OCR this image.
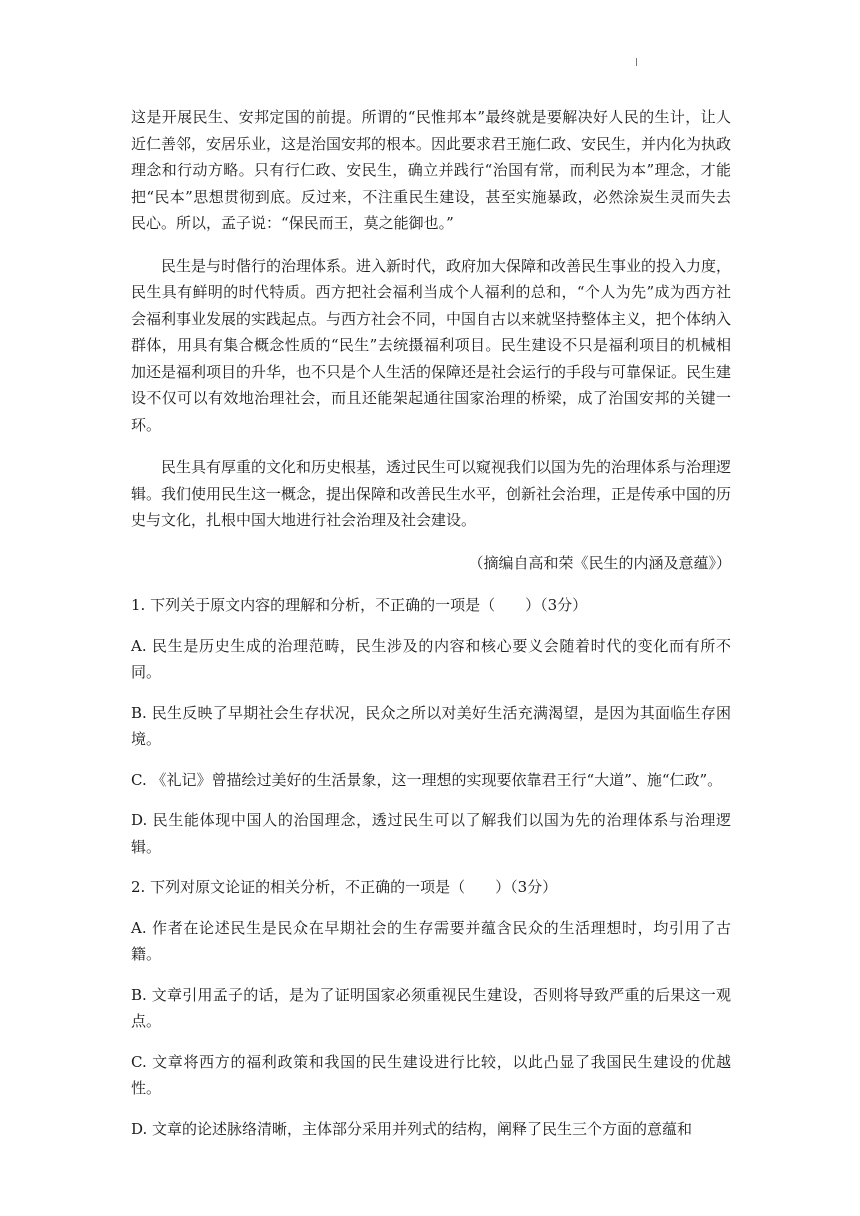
这是开展民生、安邦定国的前提。所谓的“民惟邦本”最终就是要解决好人民的生计，让人近仁善邻，安居乐业，这是治国安邦的根本。因此要求君王施仁政、安民生，并内化为执政理念和行动方略。只有行仁政、安民生，确立并践行“治国有常，而利民为本”理念，才能把“民本”思想贯彻到底。反过来，不注重民生建设，甚至实施暴政，必然涂炭生灵而失去民心。所以，孟子说：“保民而王，莫之能御也。”

民生是与时偕行的治理体系。进入新时代，政府加大保障和改善民生事业的投入力度，民生具有鲜明的时代特质。西方把社会福利当成个人福利的总和，“个人为先”成为西方社会福利事业发展的实践起点。与西方社会不同，中国自古以来就坚持整体主义，把个体纳入群体，用具有集合概念性质的“民生”去统摄福利项目。民生建设不只是福利项目的机械相加还是福利项目的升华，也不只是个人生活的保障还是社会运行的手段与可靠保证。民生建设不仅可以有效地治理社会，而且还能架起通往国家治理的桥梁，成了治国安邦的关键一环。

民生具有厚重的文化和历史根基，透过民生可以窥视我们以国为先的治理体系与治理逻辑。我们使用民生这一概念，提出保障和改善民生水平，创新社会治理，正是传承中国的历史与文化，扎根中国大地进行社会治理及社会建设。

（摘编自高和荣《民生的内涵及意蕴》）

1. 下列关于原文内容的理解和分析，不正确的一项是（　　）（3分）

A. 民生是历史生成的治理范畴，民生涉及的内容和核心要义会随着时代的变化而有所不同。

B. 民生反映了早期社会生存状况，民众之所以对美好生活充满渴望，是因为其面临生存困境。

C. 《礼记》曾描绘过美好的生活景象，这一理想的实现要依靠君王行“大道”、施“仁政”。

D. 民生能体现中国人的治国理念，透过民生可以了解我们以国为先的治理体系与治理逻辑。

2. 下列对原文论证的相关分析，不正确的一项是（　　）（3分）

A. 作者在论述民生是民众在早期社会的生存需要并蕴含民众的生活理想时，均引用了古籍。

B. 文章引用孟子的话，是为了证明国家必须重视民生建设，否则将导致严重的后果这一观点。

C. 文章将西方的福利政策和我国的民生建设进行比较，以此凸显了我国民生建设的优越性。

D. 文章的论述脉络清晰，主体部分采用并列式的结构，阐释了民生三个方面的意蕴和
